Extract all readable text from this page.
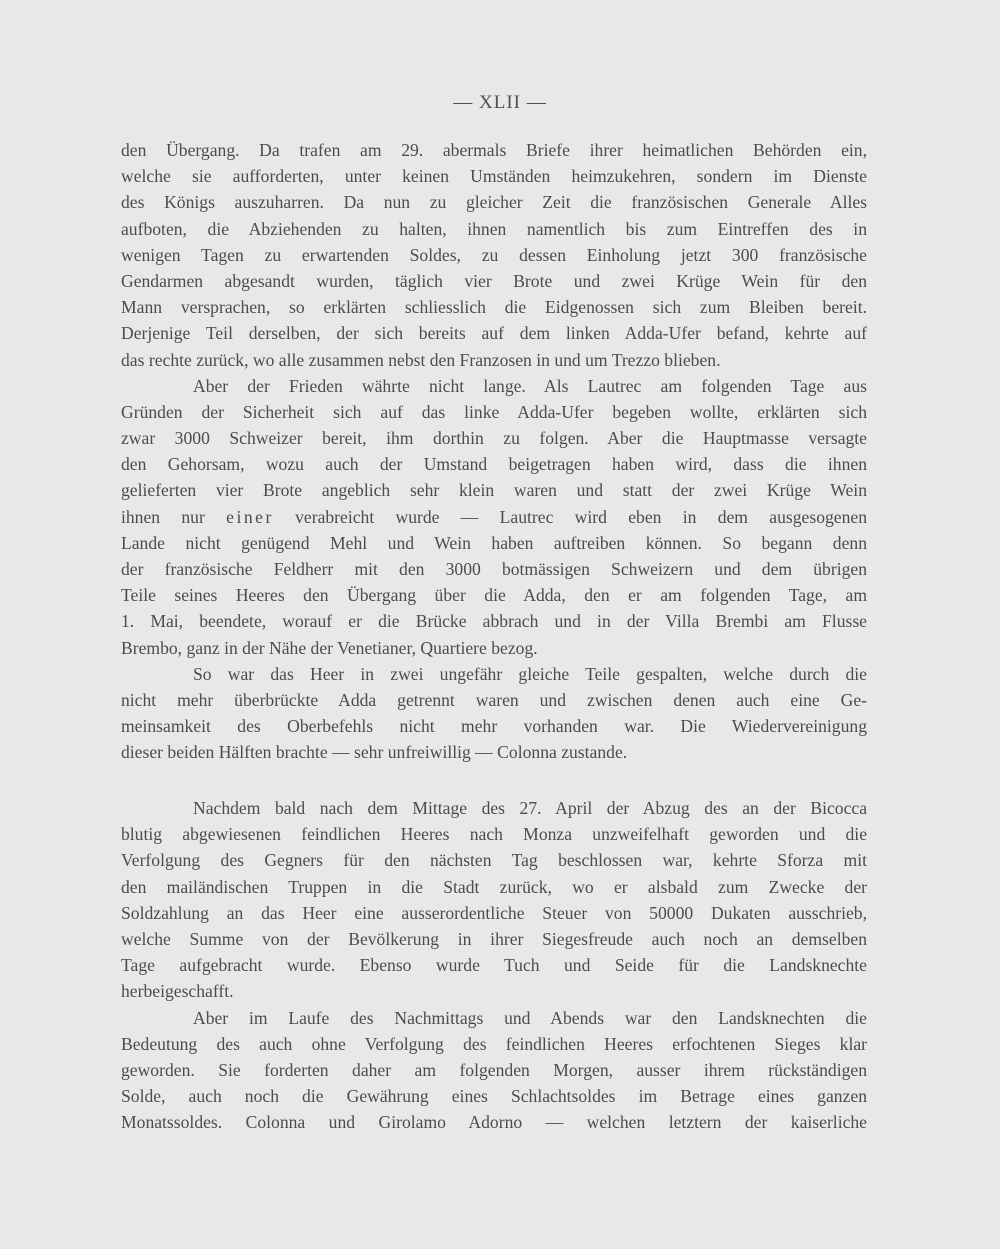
— XLII —
den Übergang. Da trafen am 29. abermals Briefe ihrer heimatlichen Behörden ein,
welche sie aufforderten, unter keinen Umständen heimzukehren, sondern im Dienste
des Königs auszuharren. Da nun zu gleicher Zeit die französischen Generale Alles
aufboten, die Abziehenden zu halten, ihnen namentlich bis zum Eintreffen des in
wenigen Tagen zu erwartenden Soldes, zu dessen Einholung jetzt 300 französische
Gendarmen abgesandt wurden, täglich vier Brote und zwei Krüge Wein für den
Mann versprachen, so erklärten schliesslich die Eidgenossen sich zum Bleiben bereit.
Derjenige Teil derselben, der sich bereits auf dem linken Adda-Ufer befand, kehrte auf
das rechte zurück, wo alle zusammen nebst den Franzosen in und um Trezzo blieben.
Aber der Frieden währte nicht lange. Als Lautrec am folgenden Tage aus
Gründen der Sicherheit sich auf das linke Adda-Ufer begeben wollte, erklärten sich
zwar 3000 Schweizer bereit, ihm dorthin zu folgen. Aber die Hauptmasse versagte
den Gehorsam, wozu auch der Umstand beigetragen haben wird, dass die ihnen
gelieferten vier Brote angeblich sehr klein waren und statt der zwei Krüge Wein
ihnen nur einer verabreicht wurde — Lautrec wird eben in dem ausgesogenen
Lande nicht genügend Mehl und Wein haben auftreiben können. So begann denn
der französische Feldherr mit den 3000 botmässigen Schweizern und dem übrigen
Teile seines Heeres den Übergang über die Adda, den er am folgenden Tage, am
1. Mai, beendete, worauf er die Brücke abbrach und in der Villa Brembi am Flusse
Brembo, ganz in der Nähe der Venetianer, Quartiere bezog.
So war das Heer in zwei ungefähr gleiche Teile gespalten, welche durch die
nicht mehr überbrückte Adda getrennt waren und zwischen denen auch eine Ge-
meinsamkeit des Oberbefehls nicht mehr vorhanden war. Die Wiedervereinigung
dieser beiden Hälften brachte — sehr unfreiwillig — Colonna zustande.
Nachdem bald nach dem Mittage des 27. April der Abzug des an der Bicocca
blutig abgewiesenen feindlichen Heeres nach Monza unzweifelhaft geworden und die
Verfolgung des Gegners für den nächsten Tag beschlossen war, kehrte Sforza mit
den mailändischen Truppen in die Stadt zurück, wo er alsbald zum Zwecke der
Soldzahlung an das Heer eine ausserordentliche Steuer von 50000 Dukaten ausschrieb,
welche Summe von der Bevölkerung in ihrer Siegesfreude auch noch an demselben
Tage aufgebracht wurde. Ebenso wurde Tuch und Seide für die Landsknechte
herbeigeschafft.
Aber im Laufe des Nachmittags und Abends war den Landsknechten die
Bedeutung des auch ohne Verfolgung des feindlichen Heeres erfochtenen Sieges klar
geworden. Sie forderten daher am folgenden Morgen, ausser ihrem rückständigen
Solde, auch noch die Gewährung eines Schlachtsoldes im Betrage eines ganzen
Monatssoldes. Colonna und Girolamo Adorno — welchen letztern der kaiserliche
